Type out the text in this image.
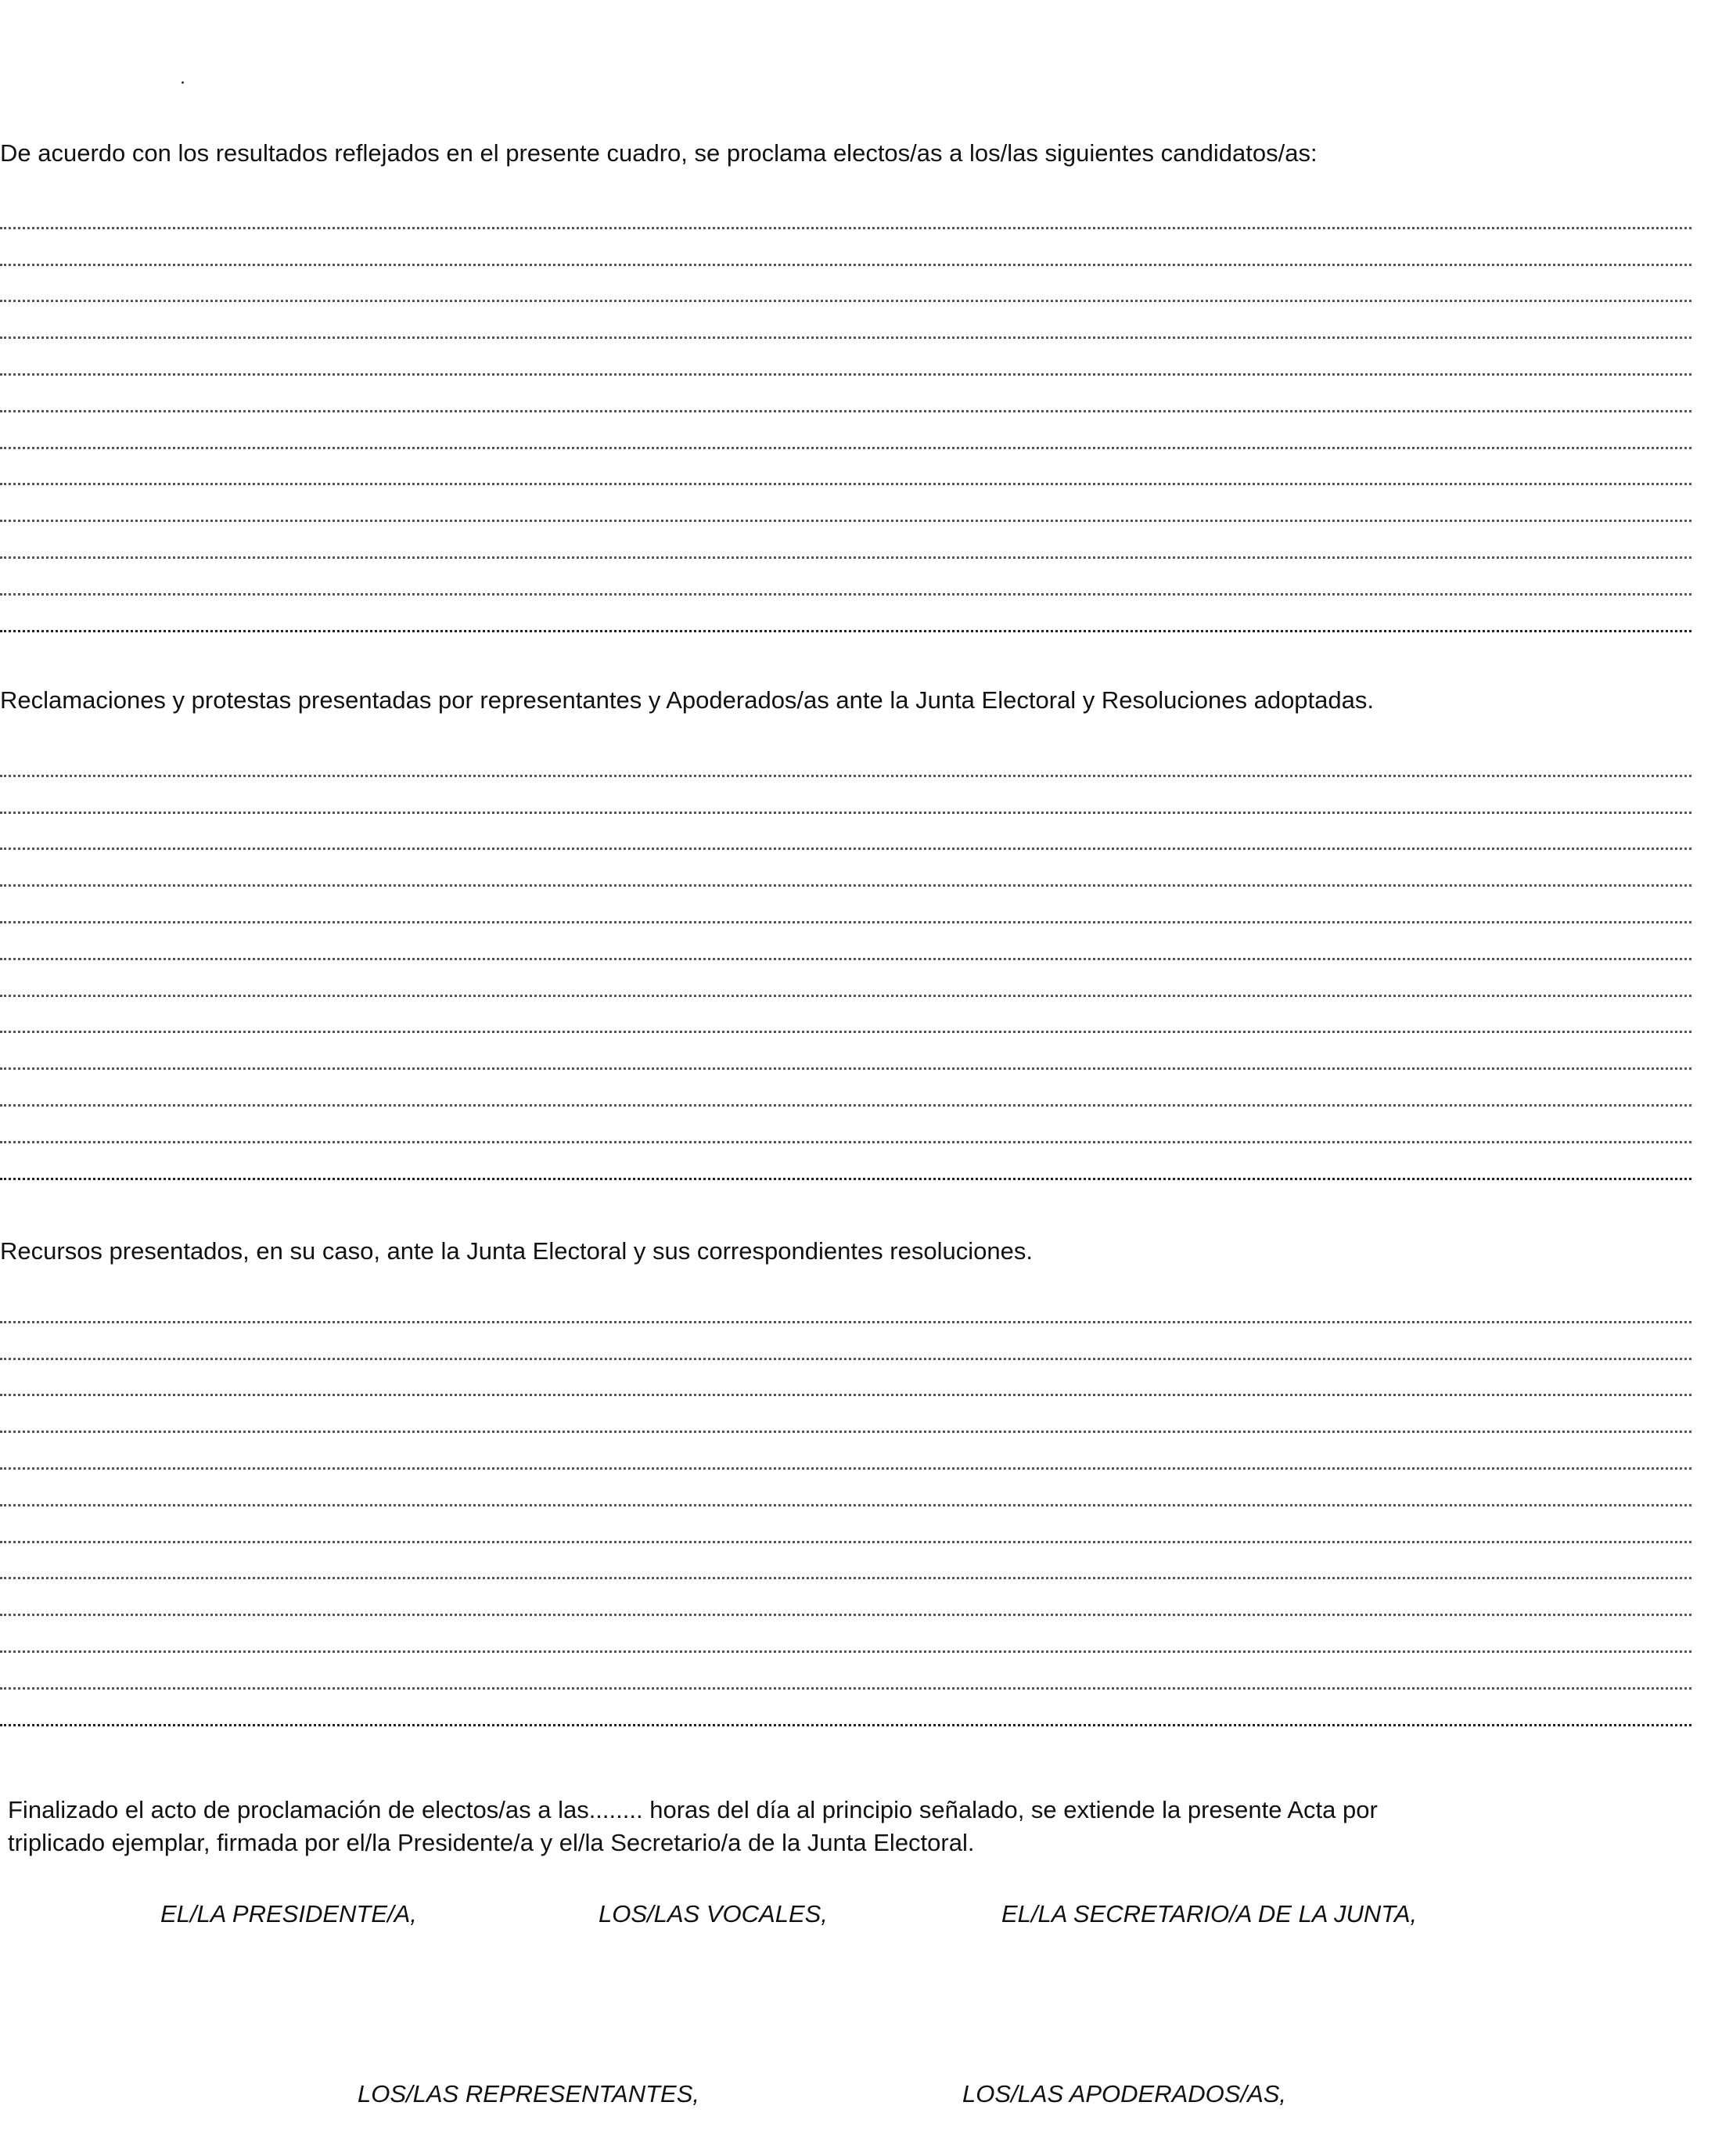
De acuerdo con los resultados reflejados en el presente cuadro, se proclama electos/as a los/las siguientes candidatos/as:

Reclamaciones y protestas presentadas por representantes y Apoderados/as ante la Junta Electoral y Resoluciones adoptadas.

Recursos presentados, en su caso, ante la Junta Electoral y sus correspondientes resoluciones.

Finalizado el acto de proclamación de electos/as a las........ horas del día al principio señalado, se extiende la presente Acta por
triplicado ejemplar, firmada por el/la Presidente/a y el/la Secretario/a de la Junta Electoral.

EL/LA PRESIDENTE/A,	LOS/LAS VOCALES,	EL/LA SECRETARIO/A DE LA JUNTA,
LOS/LAS REPRESENTANTES,	LOS/LAS APODERADOS/AS,
